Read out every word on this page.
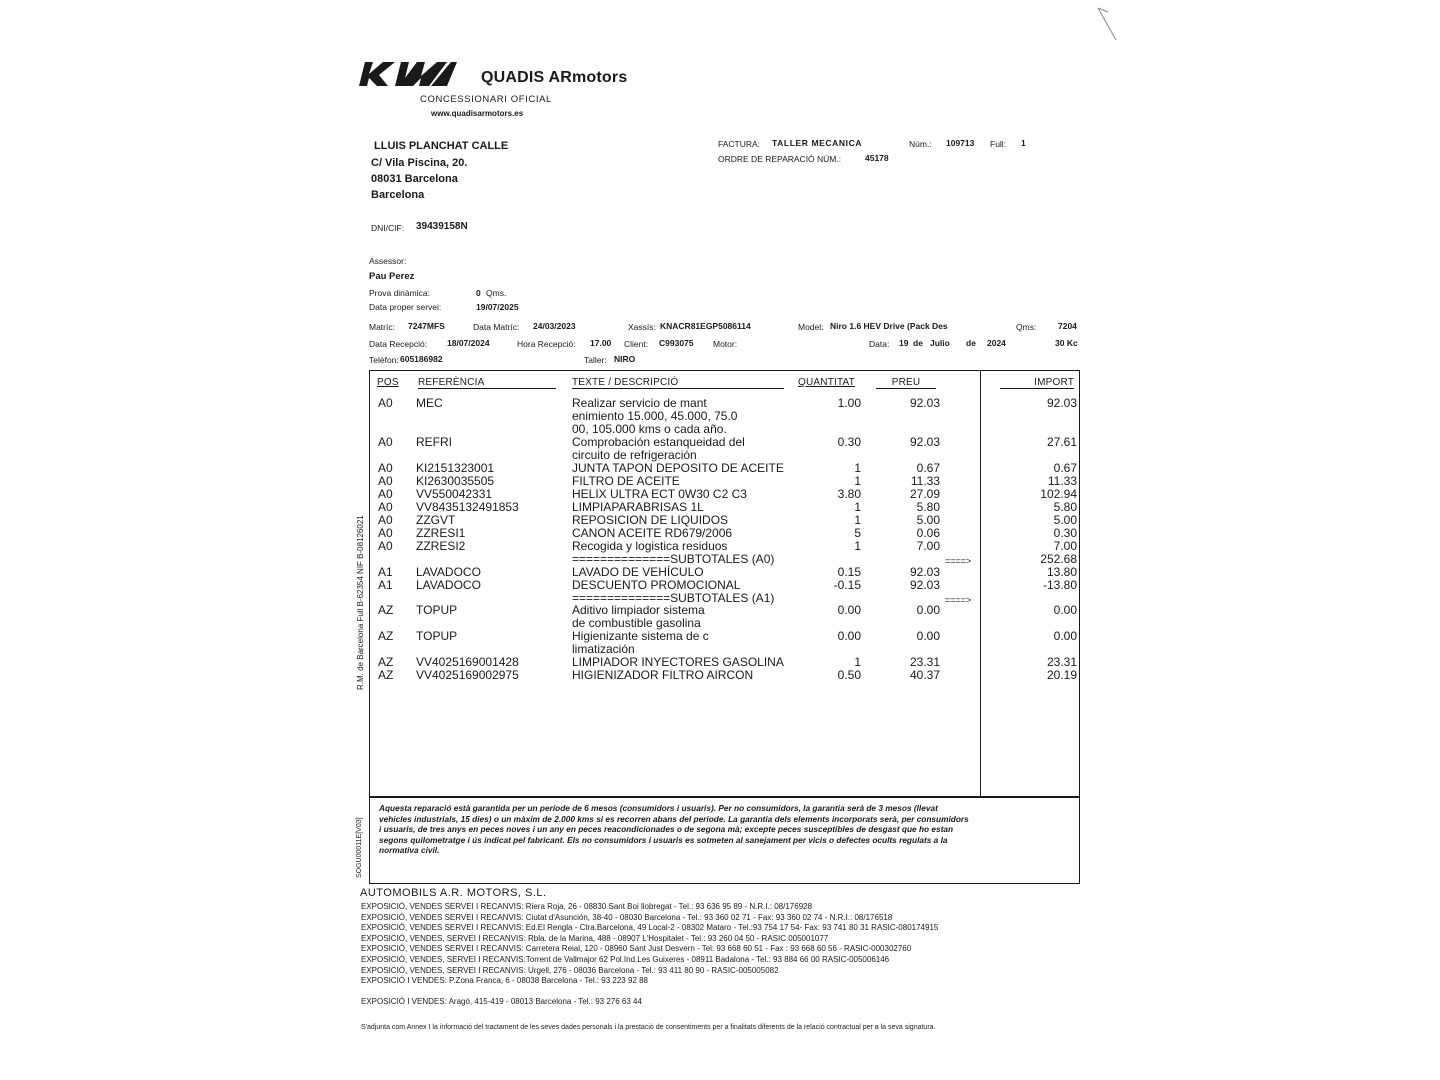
QUADIS ARmotors
CONCESSIONARI OFICIAL
www.quadisarmotors.es
LLUIS PLANCHAT CALLE
C/ Vila Piscina, 20.
08031 Barcelona
Barcelona
DNI/CIF: 39439158N
FACTURA: TALLER MECANICA	Núm.: 109713 Full: 1
ORDRE DE REPARACIÓ NÚM.:	45178
Assessor:
Pau Perez
Prova dinàmica:	0 Qms.
Data proper servei:	19/07/2025
Matríc: 7247MFS	Data Matríc: 24/03/2023	Xassís: KNACR81EGP5086114	Model: Niro 1.6 HEV Drive (Pack Des	Qms:	7204
Data Recepció: 18/07/2024	Hora Recepció: 17.00 Client: C993075 Motor:	Data: 19 de Julio de 2024	30 Kc
Telèfon: 605186982	Taller: NIRO
POS REFERÈNCIA	TEXTE / DESCRIPCIÓ	QUANTITAT	PREU	IMPORT
A0	MEC	Realizar servicio de mant
enimiento 15.000, 45.000, 75.0
00, 105.000 kms o cada año.
1.00	92.03	92.03
A0	REFRI	Comprobación estanqueidad del
circuito de refrigeración
0.30	92.03	27.61
A0	KI2151323001	JUNTA TAPON DEPOSITO DE ACEITE	1	0.67	0.67
A0	KI2630035505	FILTRO DE ACEITE	1	11.33	11.33
A0	VV550042331	HELIX ULTRA ECT 0W30 C2 C3	3.80	27.09	102.94
A0	VV8435132491853	LIMPIAPARABRISAS 1L	1	5.80	5.80
A0	ZZGVT	REPOSICION DE LIQUIDOS	1	5.00	5.00
A0	ZZRESI1	CANON ACEITE RD679/2006	5	0.06	0.30
A0	ZZRESI2	Recogida y logistica residuos	1	7.00	7.00
==============SUBTOTALES (A0)	====>	252.68
A1	LAVADOCO	LAVADO DE VEHÍCULO	0.15	92.03	13.80
A1	LAVADOCO	DESCUENTO PROMOCIONAL	-0.15	92.03	-13.80
==============SUBTOTALES (A1)	====>
AZ	TOPUP	Aditivo limpiador sistema
de combustible gasolina
0.00	0.00	0.00
AZ	TOPUP	Higienizante sistema de c
limatización
0.00	0.00	0.00
AZ	VV4025169001428	LIMPIADOR INYECTORES GASOLINA	1	23.31	23.31
AZ	VV4025169002975	HIGIENIZADOR FILTRO AIRCON	0.50	40.37	20.19
Aquesta reparació està garantida per un període de 6 mesos (consumidors i usuaris). Per no consumidors, la garantia serà de 3 mesos (llevat vehicles industrials, 15 dies) o un màxim de 2.000 kms si es recorren abans del període. La garantia dels elements incorporats serà, per consumidors i usuaris, de tres anys en peces noves i un any en peces reacondicionades o de segona mà; excepte peces susceptibles de desgast que ho estan segons quilometratge i ús indicat pel fabricant. Els no consumidors i usuaris es sotmeten al sanejament per vicis o defectes ocults regulats a la normativa civil.
AUTOMOBILS A.R. MOTORS, S.L.
EXPOSICIÓ, VENDES SERVEI I RECANVIS: Riera Roja, 26 - 08830 Sant Boi llobregat - Tel.: 93 636 95 89 - N.R.I.: 08/176928
EXPOSICIÓ, VENDES SERVEI I RECANVIS: Ciutat d'Asunción, 38-40 - 08030 Barcelona - Tel.: 93 360 02 71 - Fax: 93 360 02 74 - N.R.I.: 08/176518
EXPOSICIÓ, VENDES SERVEI I RECANVIS: Ed.El Rengla - Ctra.Barcelona, 49 Local-2 - 08302 Mataro - Tel.:93 754 17 54- Fax: 93 741 80 31 RASIC-080174915
EXPOSICIÓ, VENDES, SERVEI I RECANVIS: Rbla. de la Marina, 488 - 08907 L'Hospitalet - Tel.: 93 260 04 50 - RASIC 005001077
EXPOSICIÓ, VENDES SERVEI I RECANVIS: Carretera Reial, 120 - 08960 Sant Just Desvern - Tel: 93 668 60 51 - Fax : 93 668 60 56 - RASIC-000302760
EXPOSICIÓ, VENDES, SERVEI I RECANVIS:Torrent de Vallmajor 62 Pol.Ind.Les Guixeres - 08911 Badalona - Tel.: 93 884 66 00 RASIC-005006146
EXPOSICIÓ, VENDES, SERVEI I RECANVIS: Urgell, 276 - 08036 Barcelona - Tel.: 93 411 80 90 - RASIC-005005082
EXPOSICIÓ I VENDES: P.Zona Franca, 6 - 08038 Barcelona - Tel.: 93 223 92 88
EXPOSICIÓ I VENDES: Aragó, 415-419 - 08013 Barcelona - Tel.: 93 276 63 44
S'adjunta com Annex I la informació del tractament de les seves dades personals i la prestació de consentiments per a finalitats diferents de la relació contractual per a la seva signatura.
R.M. de Barcelona Full B-62354 NIF B-08126021
SOGU00011E[V03]
